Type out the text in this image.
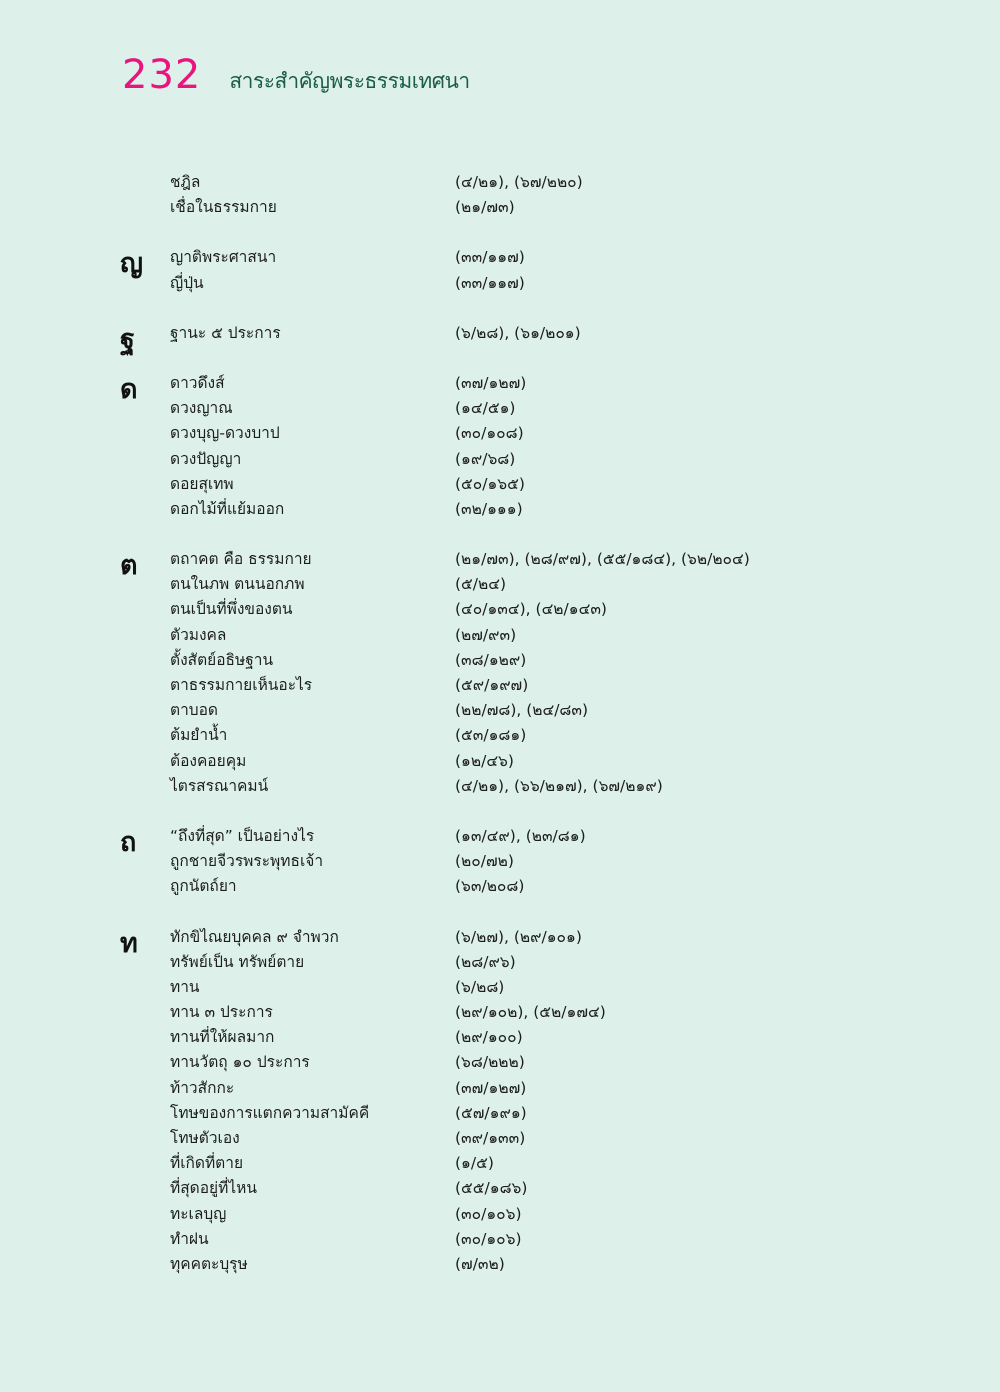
232 สาระสำคัญพระธรรมเทศนา
ชฎิล	(๔/๒๑), (๖๗/๒๒๐)
เชื่อในธรรมกาย	(๒๑/๗๓)
ญ ญาติพระศาสนา	(๓๓/๑๑๗)
ญี่ปุ่น	(๓๓/๑๑๗)
ฐ ฐานะ ๕ ประการ	(๖/๒๘), (๖๑/๒๐๑)
ด ดาวดึงส์	(๓๗/๑๒๗)
ดวงญาณ	(๑๔/๕๑)
ดวงบุญ-ดวงบาป	(๓๐/๑๐๘)
ดวงปัญญา	(๑๙/๖๘)
ดอยสุเทพ	(๕๐/๑๖๕)
ดอกไม้ที่แย้มออก	(๓๒/๑๑๑)
ต ตถาคต คือ ธรรมกาย	(๒๑/๗๓), (๒๘/๙๗), (๕๕/๑๘๔), (๖๒/๒๐๔)
ตนในภพ ตนนอกภพ	(๕/๒๔)
ตนเป็นที่พึ่งของตน	(๔๐/๑๓๔), (๔๒/๑๔๓)
ตัวมงคล	(๒๗/๙๓)
ตั้งสัตย์อธิษฐาน	(๓๘/๑๒๙)
ตาธรรมกายเห็นอะไร	(๕๙/๑๙๗)
ตาบอด	(๒๒/๗๘), (๒๔/๘๓)
ต้มยำน้ำ	(๕๓/๑๘๑)
ต้องคอยคุม	(๑๒/๔๖)
ไตรสรณาคมน์	(๔/๒๑), (๖๖/๒๑๗), (๖๗/๒๑๙)
ถ “ถึงที่สุด” เป็นอย่างไร	(๑๓/๔๙), (๒๓/๘๑)
ถูกชายจีวรพระพุทธเจ้า	(๒๐/๗๒)
ถูกนัตถ์ยา	(๖๓/๒๐๘)
ท ทักขิไณยบุคคล ๙ จำพวก	(๖/๒๗), (๒๙/๑๐๑)
ทรัพย์เป็น ทรัพย์ตาย	(๒๘/๙๖)
ทาน	(๖/๒๘)
ทาน ๓ ประการ	(๒๙/๑๐๒), (๕๒/๑๗๔)
ทานที่ให้ผลมาก	(๒๙/๑๐๐)
ทานวัตถุ ๑๐ ประการ	(๖๘/๒๒๒)
ท้าวสักกะ	(๓๗/๑๒๗)
โทษของการแตกความสามัคคี	(๕๗/๑๙๑)
โทษตัวเอง	(๓๙/๑๓๓)
ที่เกิดที่ตาย	(๑/๕)
ที่สุดอยู่ที่ไหน	(๕๕/๑๘๖)
ทะเลบุญ	(๓๐/๑๐๖)
ทำฝน	(๓๐/๑๐๖)
ทุคคตะบุรุษ	(๗/๓๒)
